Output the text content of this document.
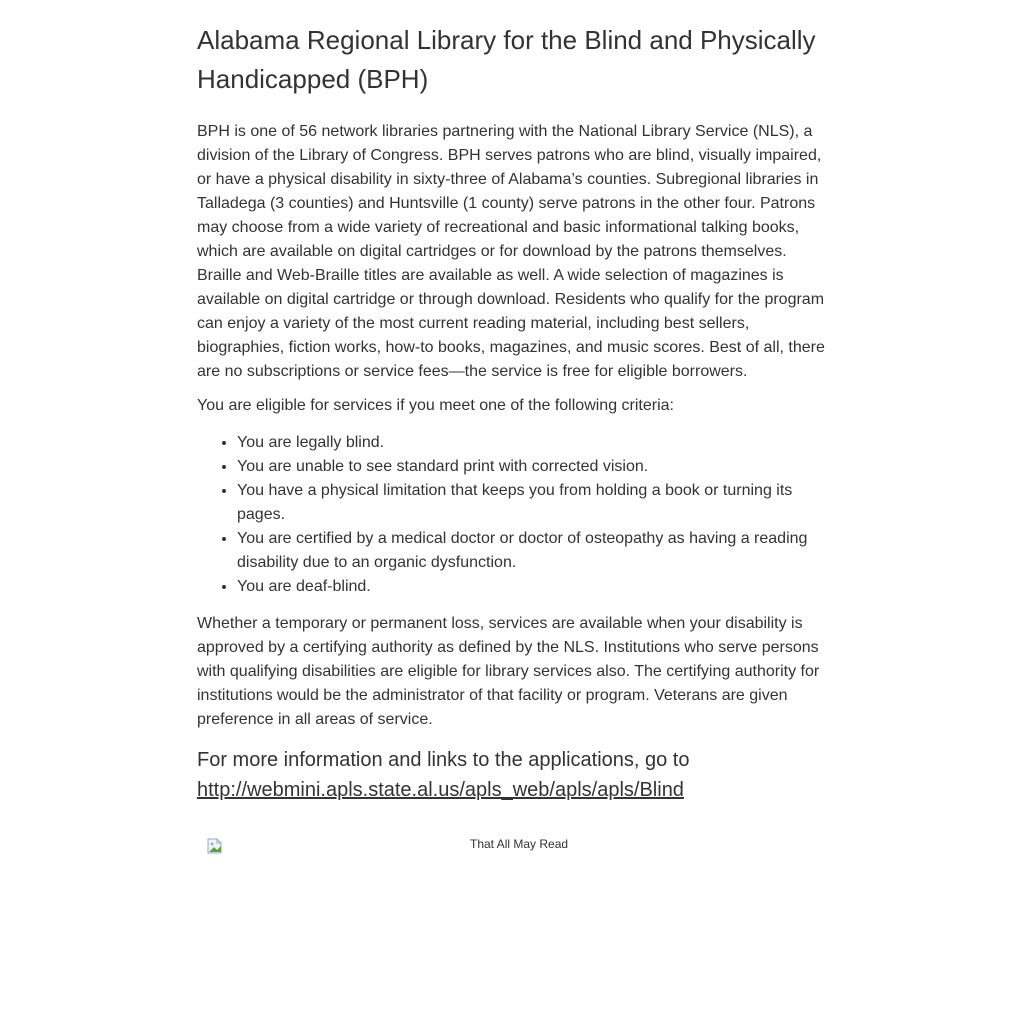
Alabama Regional Library for the Blind and Physically Handicapped (BPH)

BPH is one of 56 network libraries partnering with the National Library Service (NLS), a division of the Library of Congress. BPH serves patrons who are blind, visually impaired, or have a physical disability in sixty-three of Alabama’s counties. Subregional libraries in Talladega (3 counties) and Huntsville (1 county) serve patrons in the other four. Patrons may choose from a wide variety of recreational and basic informational talking books, which are available on digital cartridges or for download by the patrons themselves. Braille and Web-Braille titles are available as well. A wide selection of magazines is available on digital cartridge or through download. Residents who qualify for the program can enjoy a variety of the most current reading material, including best sellers, biographies, fiction works, how-to books, magazines, and music scores. Best of all, there are no subscriptions or service fees—the service is free for eligible borrowers.

You are eligible for services if you meet one of the following criteria:

• You are legally blind.
• You are unable to see standard print with corrected vision.
• You have a physical limitation that keeps you from holding a book or turning its pages.
• You are certified by a medical doctor or doctor of osteopathy as having a reading disability due to an organic dysfunction.
• You are deaf-blind.

Whether a temporary or permanent loss, services are available when your disability is approved by a certifying authority as defined by the NLS. Institutions who serve persons with qualifying disabilities are eligible for library services also. The certifying authority for institutions would be the administrator of that facility or program. Veterans are given preference in all areas of service.

For more information and links to the applications, go to
http://webmini.apls.state.al.us/apls_web/apls/apls/Blind
That All May Read
